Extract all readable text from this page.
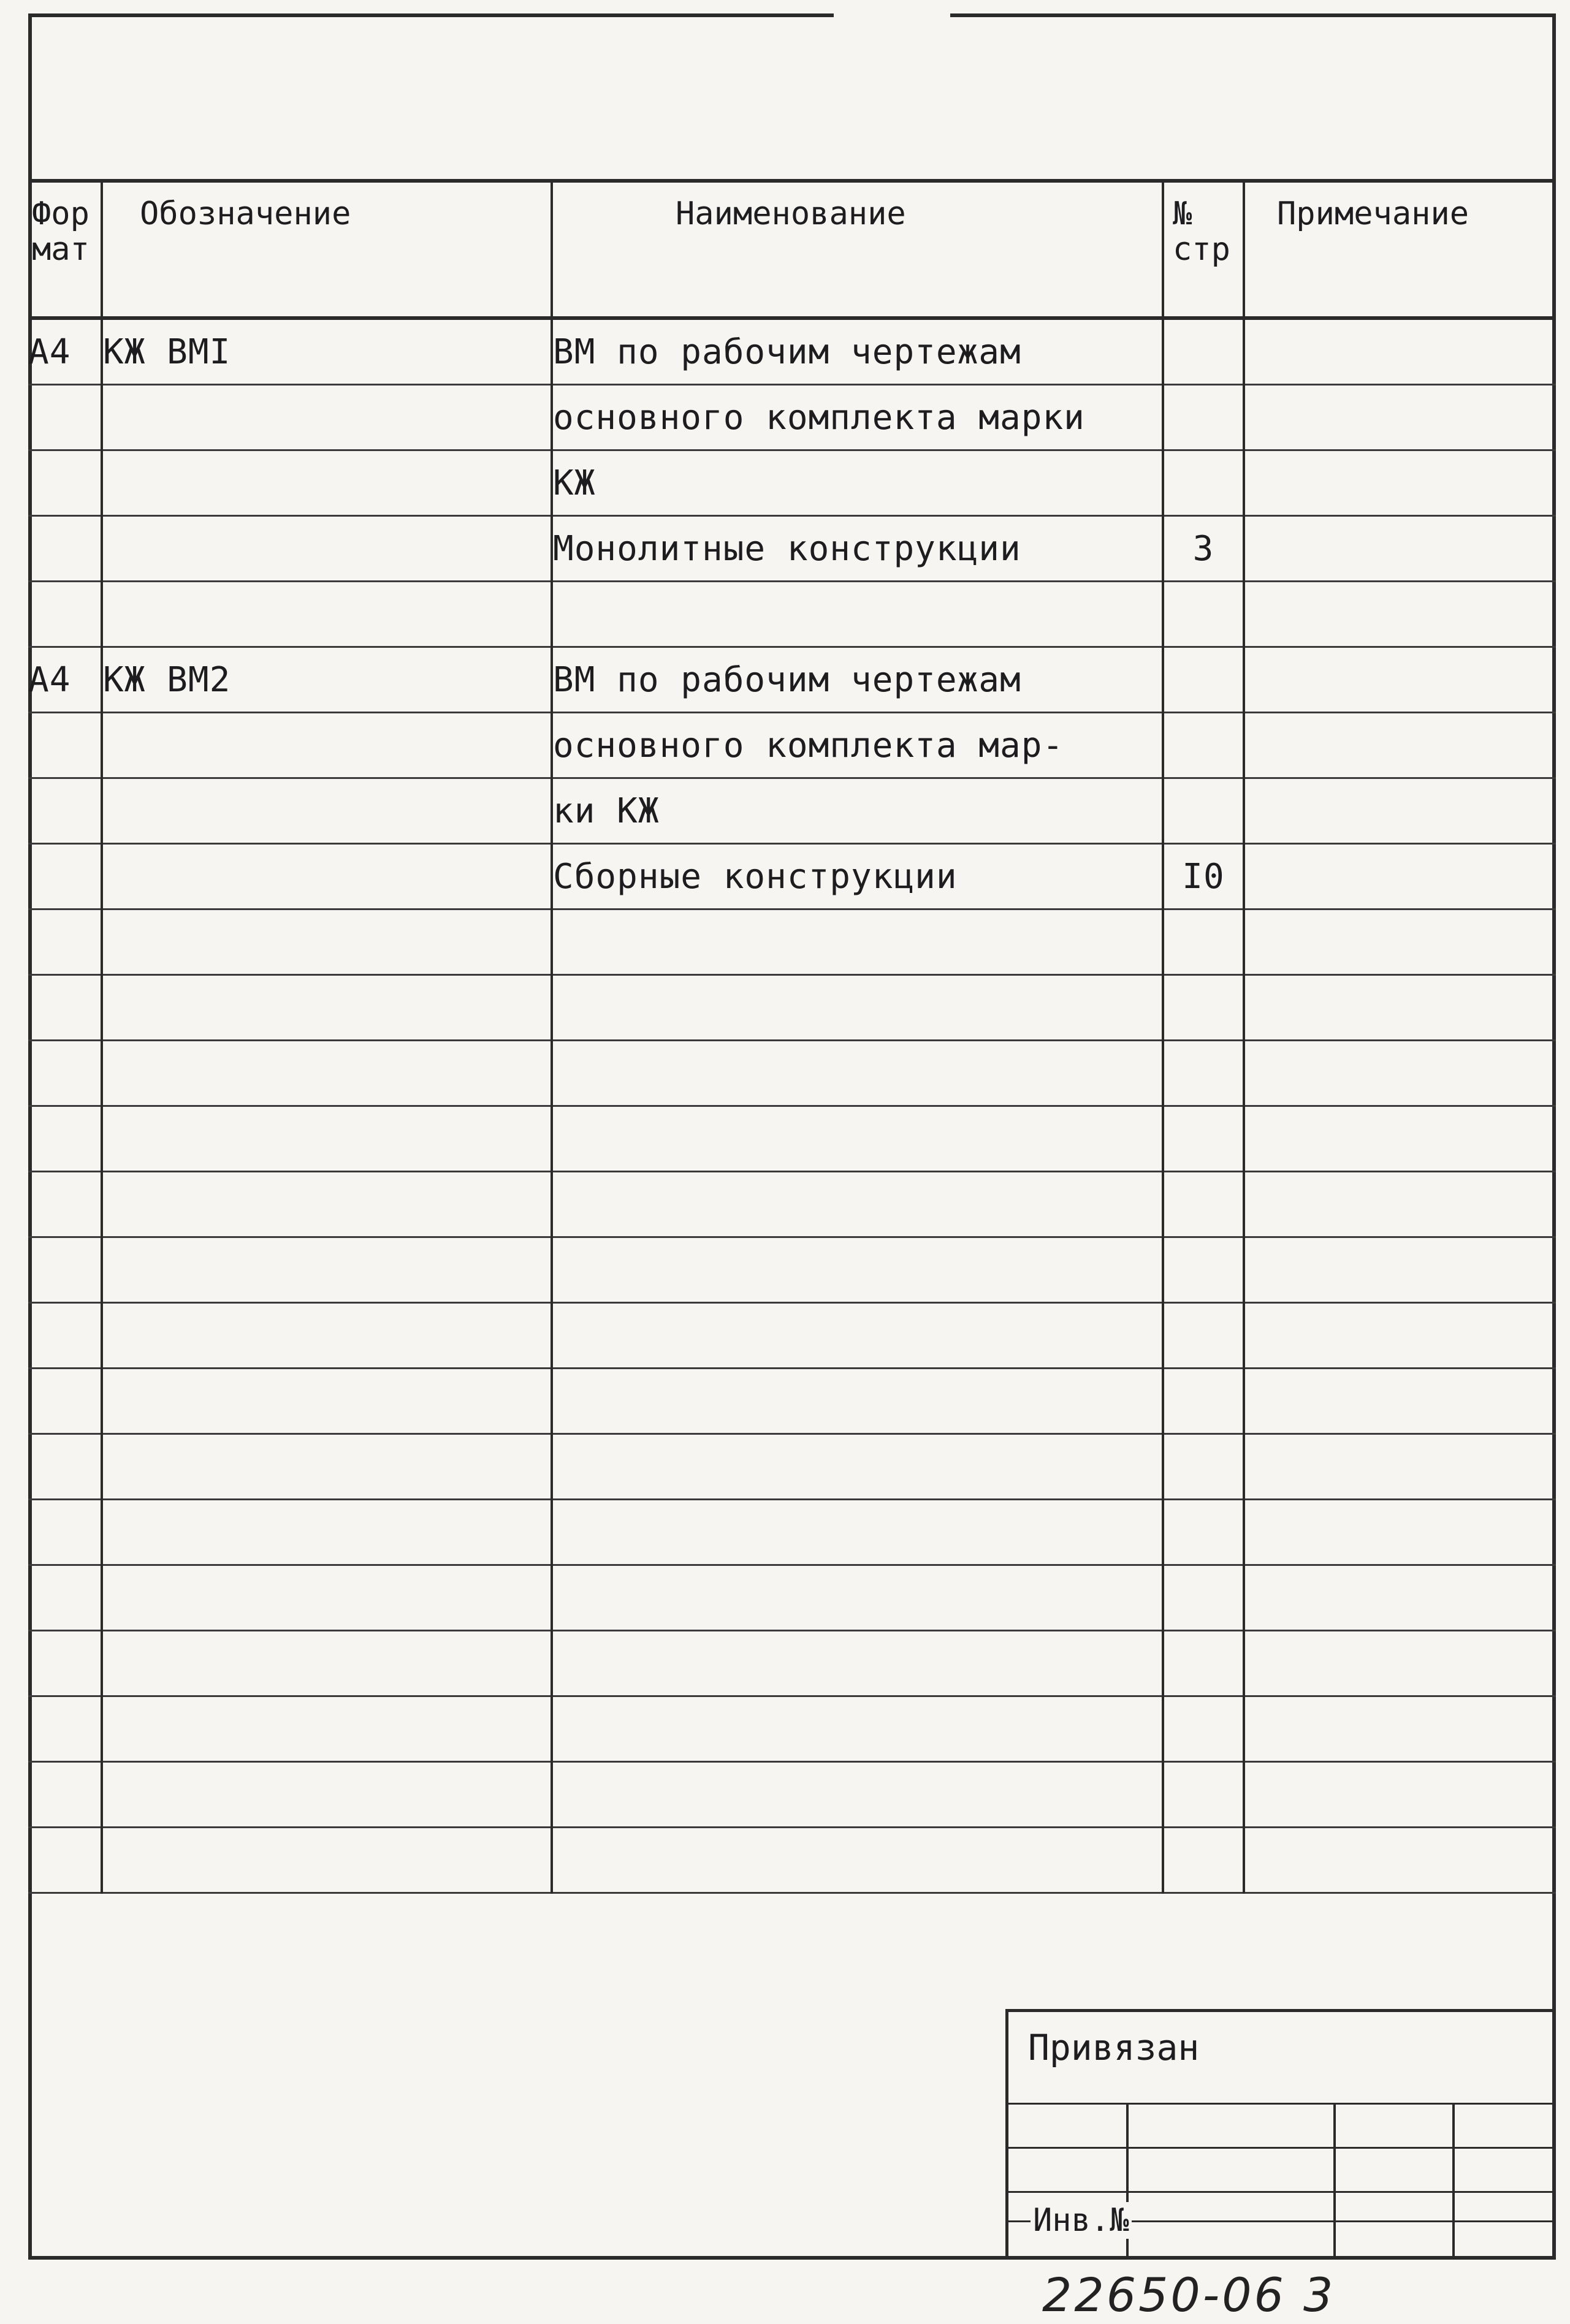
Фор мат	Обозначение	Наименование	№ стр	Примечание
А4	КЖ ВМI	ВМ по рабочим чертежам		
		основного комплекта марки		
		КЖ		
		Монолитные конструкции	3	

А4	КЖ ВМ2	ВМ по рабочим чертежам		
		основного комплекта мар-		
		ки КЖ		
		Сборные конструкции	I0	

Привязан
Инв.№
22650-06 3
